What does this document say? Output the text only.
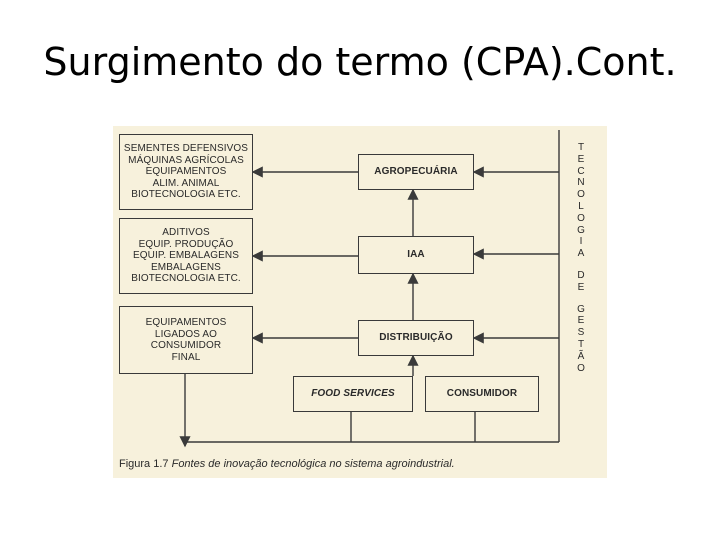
Surgimento do termo (CPA).Cont.
SEMENTES DEFENSIVOS
MÁQUINAS AGRÍCOLAS
EQUIPAMENTOS
ALIM. ANIMAL
BIOTECNOLOGIA ETC.
ADITIVOS
EQUIP. PRODUÇÃO
EQUIP. EMBALAGENS
EMBALAGENS
BIOTECNOLOGIA ETC.
EQUIPAMENTOS
LIGADOS AO
CONSUMIDOR
FINAL
AGROPECUÁRIA
IAA
DISTRIBUIÇÃO
FOOD SERVICES	CONSUMIDOR
T
E
C
N
O
L
O
G
I
A
D
E
G
E
S
T
Ã
O
Figura 1.7 Fontes de inovação tecnológica no sistema agroindustrial.
